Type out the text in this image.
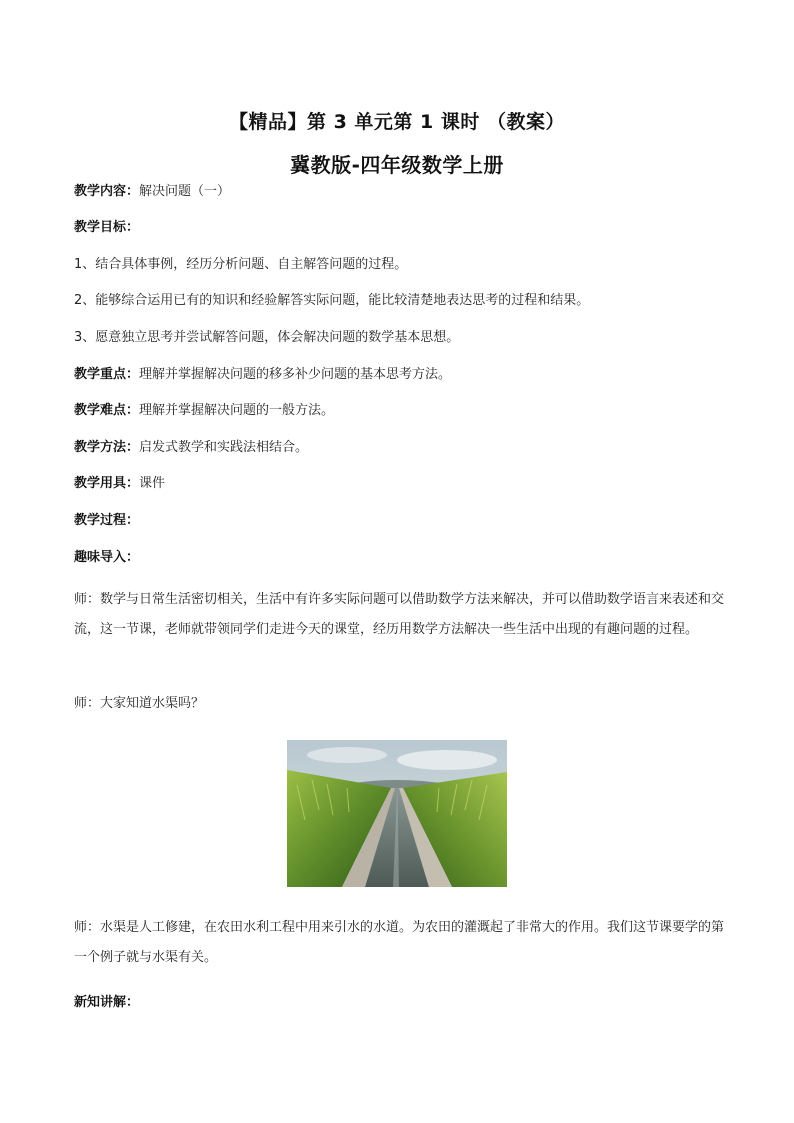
【精品】第 3 单元第 1 课时 （教案）
冀教版-四年级数学上册
教学内容：解决问题（一）
教学目标：
1、结合具体事例，经历分析问题、自主解答问题的过程。
2、能够综合运用已有的知识和经验解答实际问题，能比较清楚地表达思考的过程和结果。
3、愿意独立思考并尝试解答问题，体会解决问题的数学基本思想。
教学重点：理解并掌握解决问题的移多补少问题的基本思考方法。
教学难点：理解并掌握解决问题的一般方法。
教学方法：启发式教学和实践法相结合。
教学用具：课件
教学过程：
趣味导入：
师：数学与日常生活密切相关，生活中有许多实际问题可以借助数学方法来解决，并可以借助数学语言来表述和交流，这一节课，老师就带领同学们走进今天的课堂，经历用数学方法解决一些生活中出现的有趣问题的过程。
师：大家知道水渠吗？
师：水渠是人工修建，在农田水利工程中用来引水的水道。为农田的灌溉起了非常大的作用。我们这节课要学的第一个例子就与水渠有关。
新知讲解：
